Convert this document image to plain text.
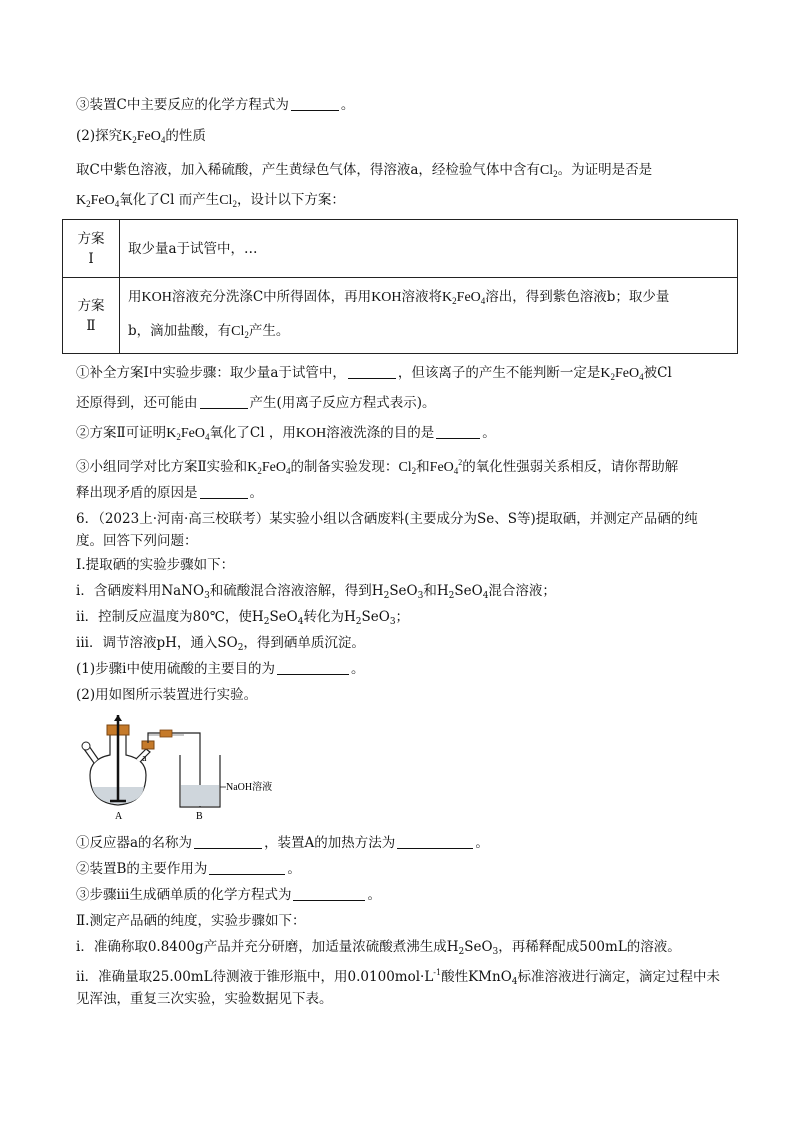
③装置C中主要反应的化学方程式为	。
(2)探究$K_2FeO_4$的性质
取C中紫色溶液，加入稀硫酸，产生黄绿色气体，得溶液a，经检验气体中含有$Cl_2$。为证明是否是
$K_2FeO_4$氧化了Cl 而产生$Cl_2$，设计以下方案：
方案
Ⅰ	取少量a于试管中，…
方案
Ⅱ	用KOH溶液充分洗涤C中所得固体，再用KOH溶液将$K_2FeO_4$溶出，得到紫色溶液b；取少量
b，滴加盐酸，有$Cl_2$产生。
①补全方案Ⅰ中实验步骤：取少量a于试管中，	，但该离子的产生不能判断一定是$K_2FeO_4$被Cl
还原得到，还可能由	产生(用离子反应方程式表示)。
②方案Ⅱ可证明$K_2FeO_4$氧化了Cl ，用KOH溶液洗涤的目的是	。
③小组同学对比方案Ⅱ实验和$K_2FeO_4$的制备实验发现：$Cl_2$和FeO$_4^2$的氧化性强弱关系相反，请你帮助解
释出现矛盾的原因是	。
6．（2023上·河南·高三校联考）某实验小组以含硒废料(主要成分为Se、S等)提取硒，并测定产品硒的纯
度。回答下列问题：
Ⅰ.提取硒的实验步骤如下：
i．含硒废料用NaNO$_3$和硫酸混合溶液溶解，得到$H_2SeO_3$和$H_2SeO_4$混合溶液；
ii．控制反应温度为80℃，使$H_2SeO_4$转化为$H_2SeO_3$；
iii．调节溶液pH，通入$SO_2$，得到硒单质沉淀。
(1)步骤i中使用硫酸的主要目的为	。
(2)用如图所示装置进行实验。
a
NaOH溶液
A	B
①反应器a的名称为	，装置A的加热方法为	。
②装置B的主要作用为	。
③步骤iii生成硒单质的化学方程式为	。
Ⅱ.测定产品硒的纯度，实验步骤如下：
i．准确称取0.8400g产品并充分研磨，加适量浓硫酸煮沸生成$H_2SeO_3$，再稀释配成500mL的溶液。
ii．准确量取25.00mL待测液于锥形瓶中，用$0.0100mol\cdot L^{-1}$酸性KMnO$_4$标准溶液进行滴定，滴定过程中未
见浑浊，重复三次实验，实验数据见下表。
